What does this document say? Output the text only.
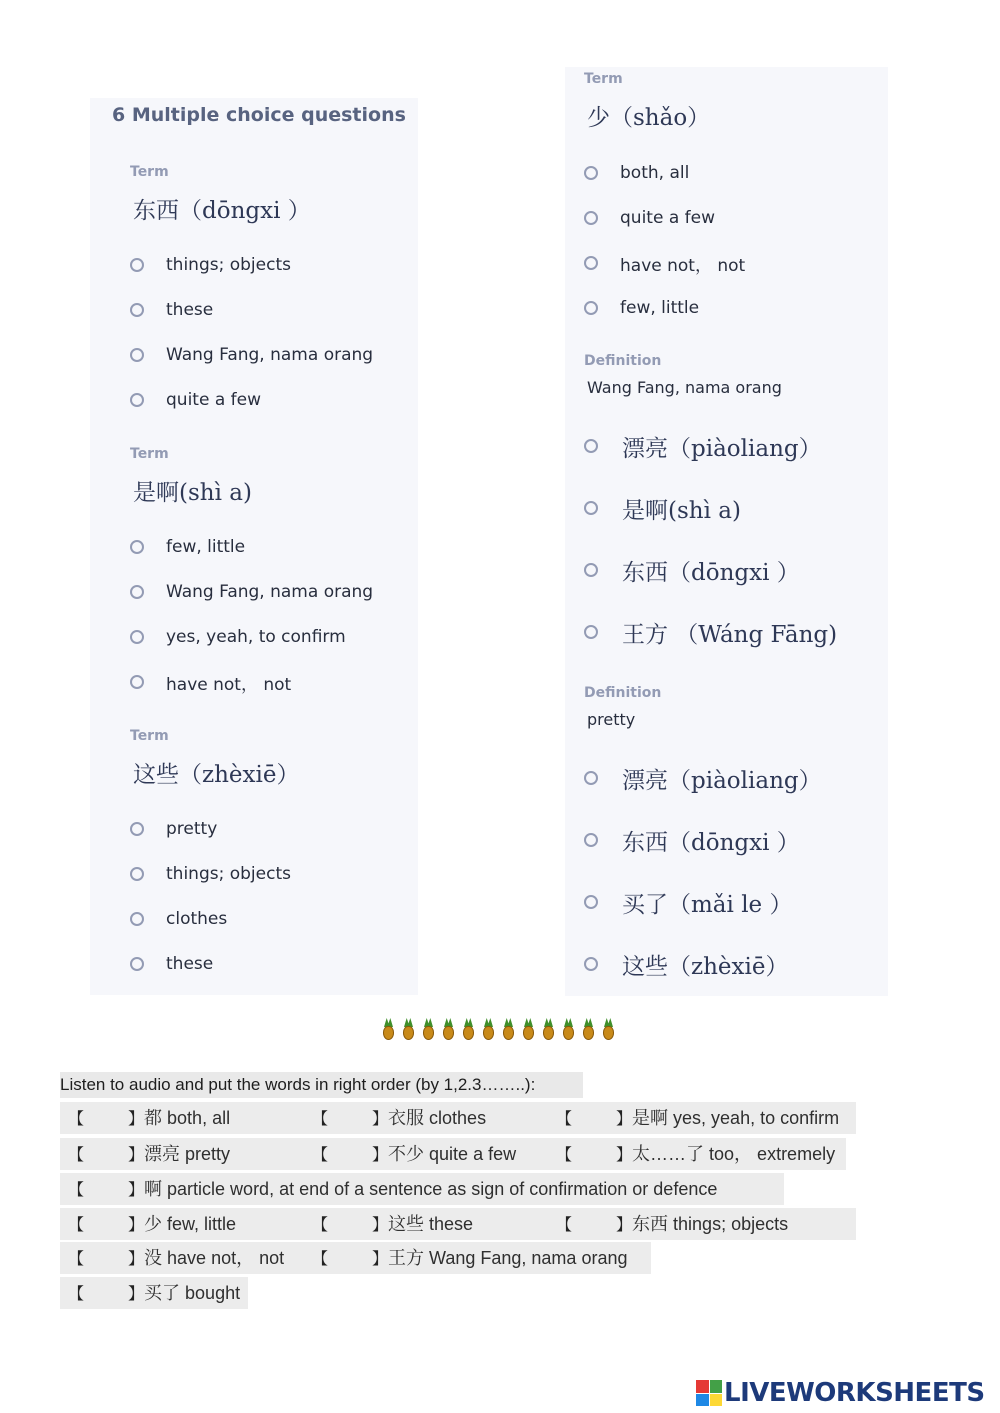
6 Multiple choice questions
Term
东西（dōngxi ）
things; objects
these
Wang Fang, nama orang
quite a few
Term
是啊(shì a)
few, little
Wang Fang, nama orang
yes, yeah, to confirm
have not， not
Term
这些（zhèxiē）
pretty
things; objects
clothes
these
Term
少（shǎo）
both, all
quite a few
have not， not
few, little
Definition
Wang Fang, nama orang
漂亮（piàoliang）
是啊(shì a)
东西（dōngxi ）
王方 （Wáng Fāng)
Definition
pretty
漂亮（piàoliang）
东西（dōngxi ）
买了（mǎi le ）
这些（zhèxiē）
Listen to audio and put the words in right order (by 1,2.3……..):
【	】都 both, all	【	】衣服 clothes	【	】是啊 yes, yeah, to confirm
【	】漂亮 pretty	【	】不少 quite a few 【	】太……了 too， extremely
【	】啊 particle word, at end of a sentence as sign of confirmation or defence
【	】少 few, little	【	】这些 these	【	】东西 things; objects
【	】没 have not， not 【	】王方 Wang Fang, nama orang
【	】买了 bought
LIVEWORKSHEETS
